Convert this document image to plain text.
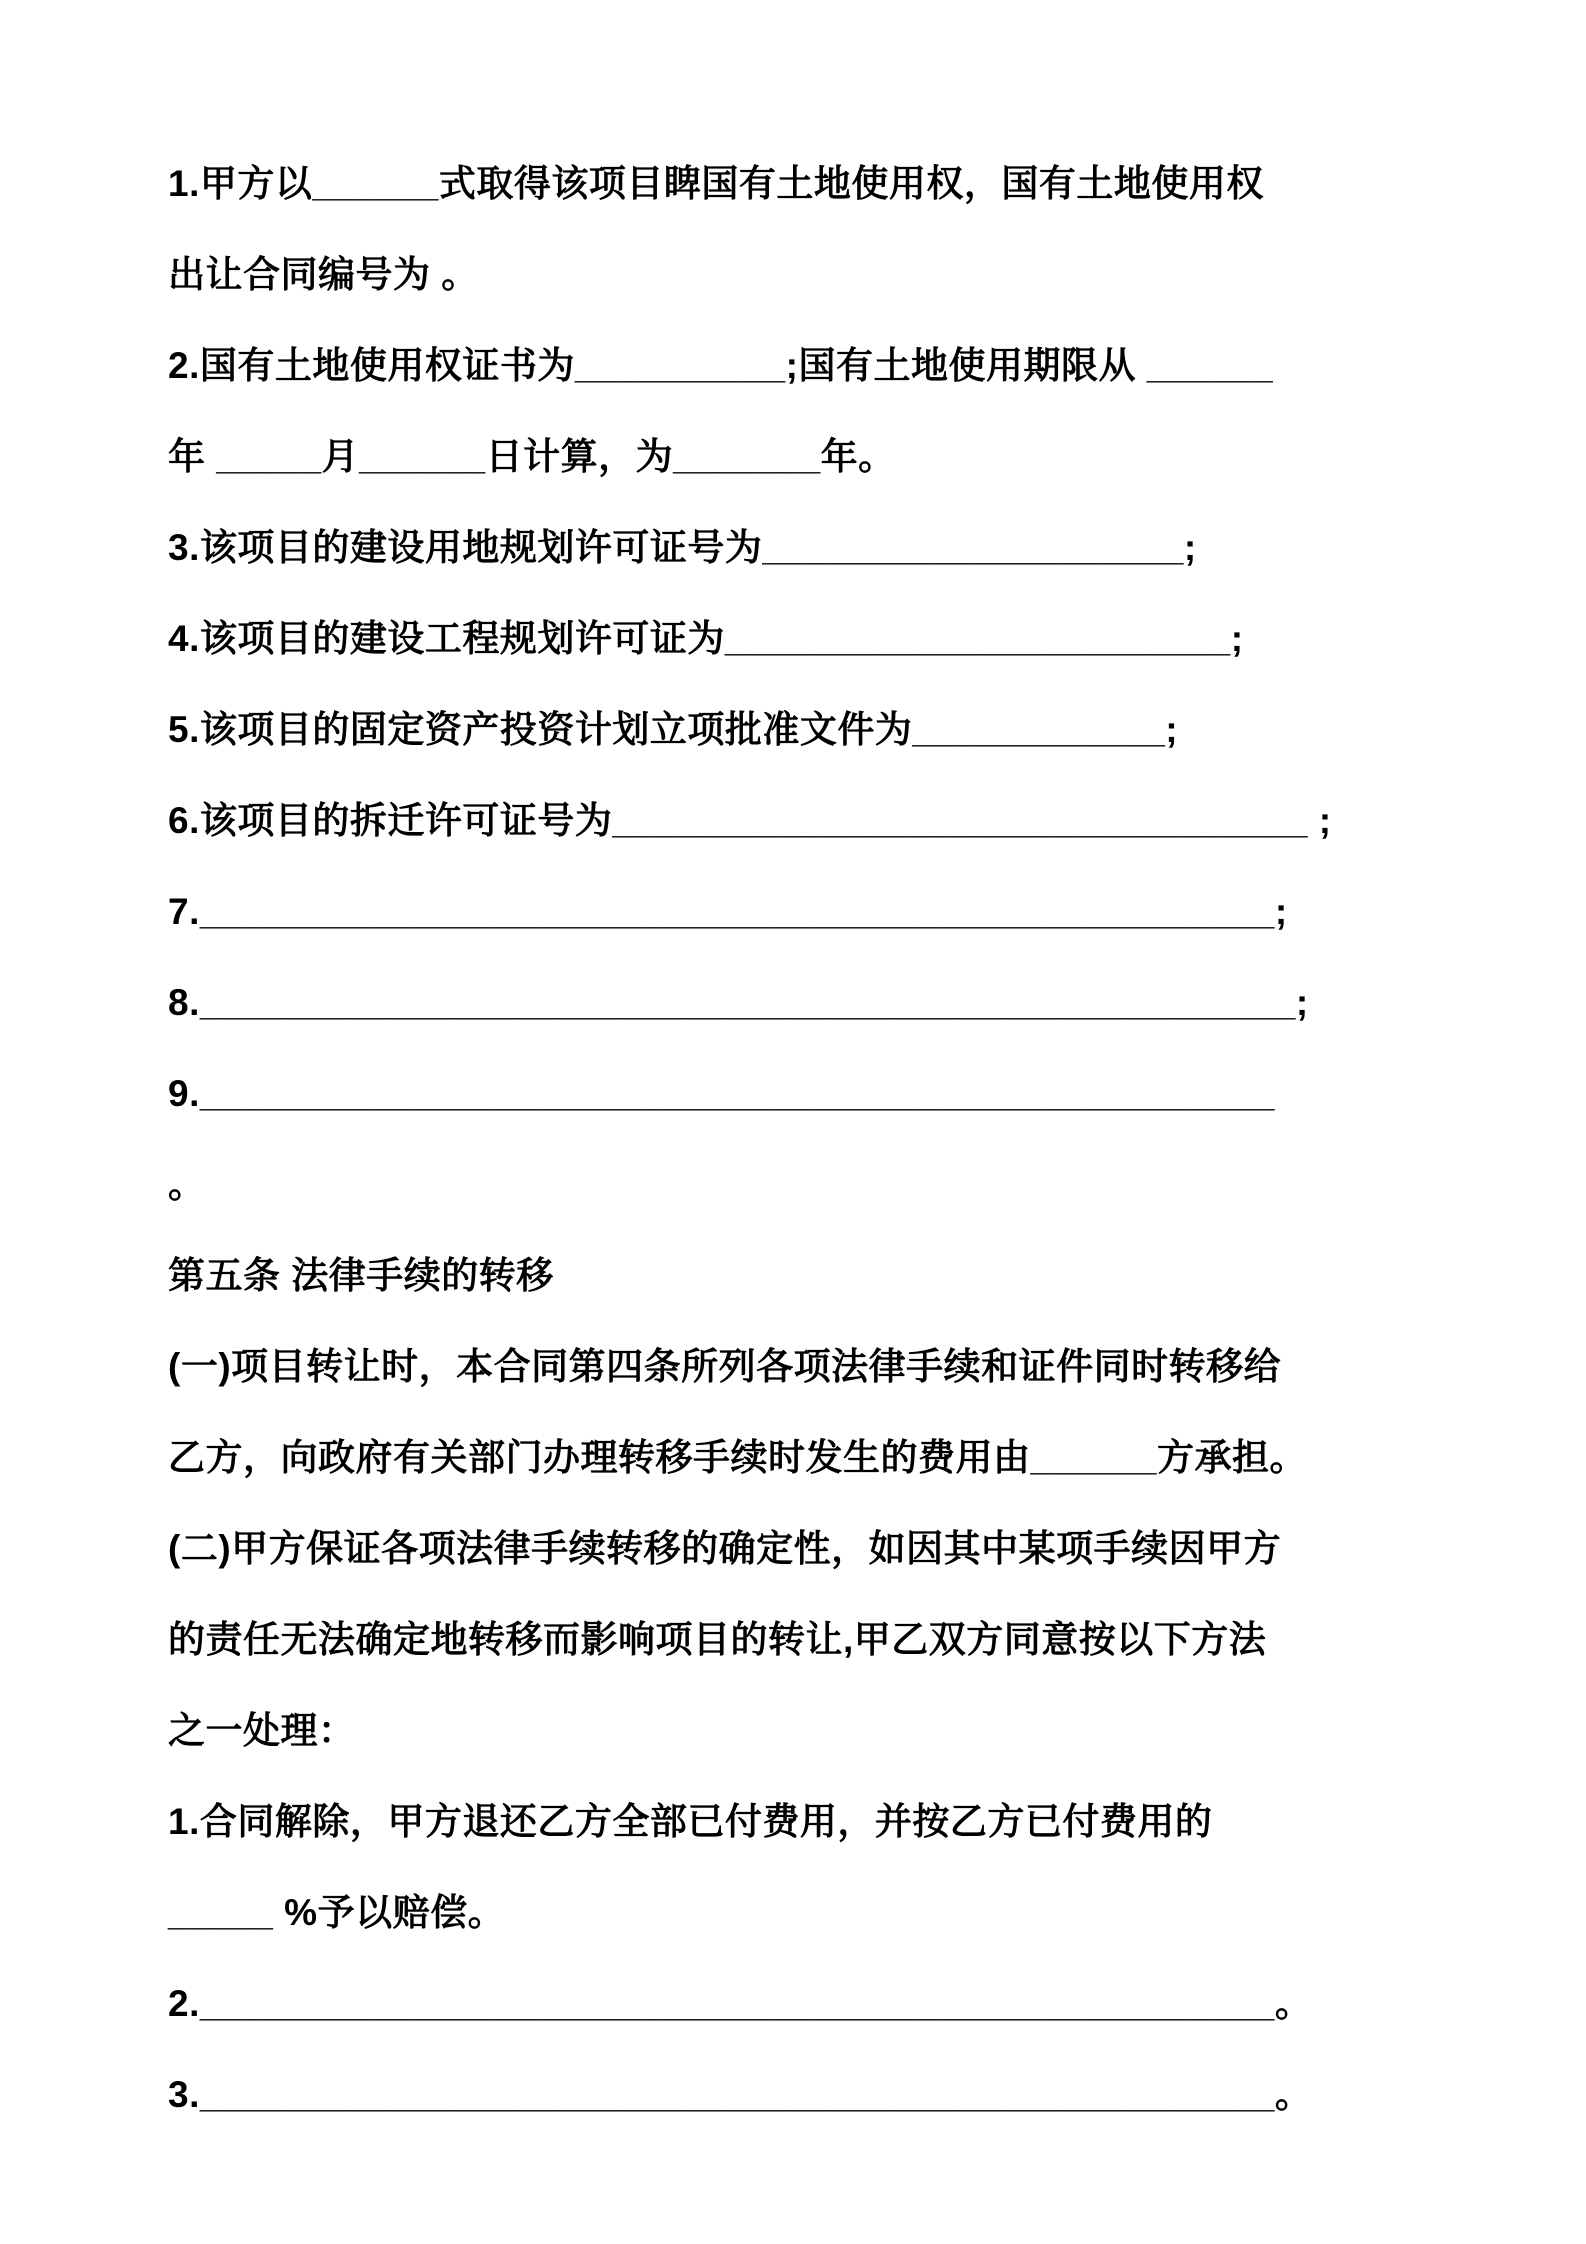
1.甲方以______式取得该项目睥国有土地使用权，国有土地使用权
出让合同编号为 。
2.国有土地使用权证书为__________;国有土地使用期限从 ______
年 _____月______日计算，为_______年。
3.该项目的建设用地规划许可证号为____________________;
4.该项目的建设工程规划许可证为________________________;
5.该项目的固定资产投资计划立项批准文件为____________;
6.该项目的拆迁许可证号为_________________________________ ;
7.___________________________________________________;
8.____________________________________________________;
9.___________________________________________________
。
第五条 法律手续的转移
(一)项目转让时，本合同第四条所列各项法律手续和证件同时转移给
乙方，向政府有关部门办理转移手续时发生的费用由______方承担。
(二)甲方保证各项法律手续转移的确定性，如因其中某项手续因甲方
的责任无法确定地转移而影响项目的转让,甲乙双方同意按以下方法
之一处理：
1.合同解除，甲方退还乙方全部已付费用，并按乙方已付费用的
_____ %予以赔偿。
2.___________________________________________________。
3.___________________________________________________。
